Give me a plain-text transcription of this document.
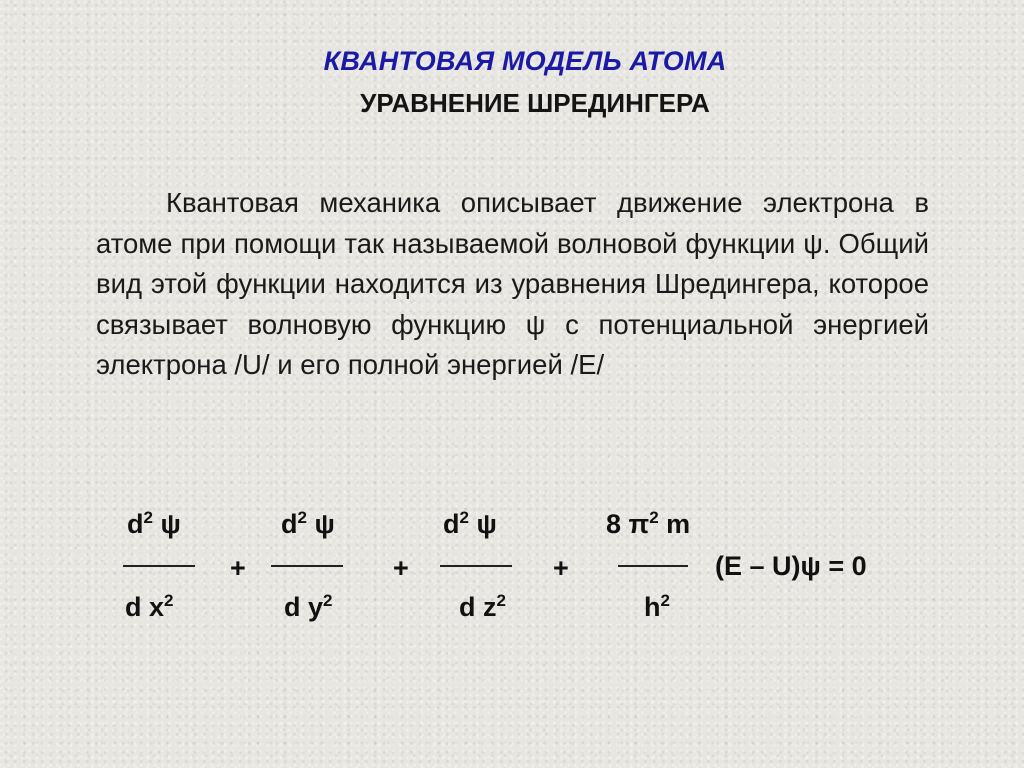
КВАНТОВАЯ МОДЕЛЬ АТОМА
УРАВНЕНИЕ ШРЕДИНГЕРА
Квантовая механика описывает движение электрона в атоме при помощи так называемой волновой функции ψ. Общий вид этой функции находится из уравнения Шредингера, которое связывает волновую функцию ψ с потенциальной энергией электрона /U/ и его полной энергией /E/
$d^2$ ψ
d $x^2$
+
$d^2$ ψ
d $y^2$
+
$d^2$ ψ
d $z^2$
+
8 $\pi^2$ m
$h^2$
(E – U)ψ = 0
